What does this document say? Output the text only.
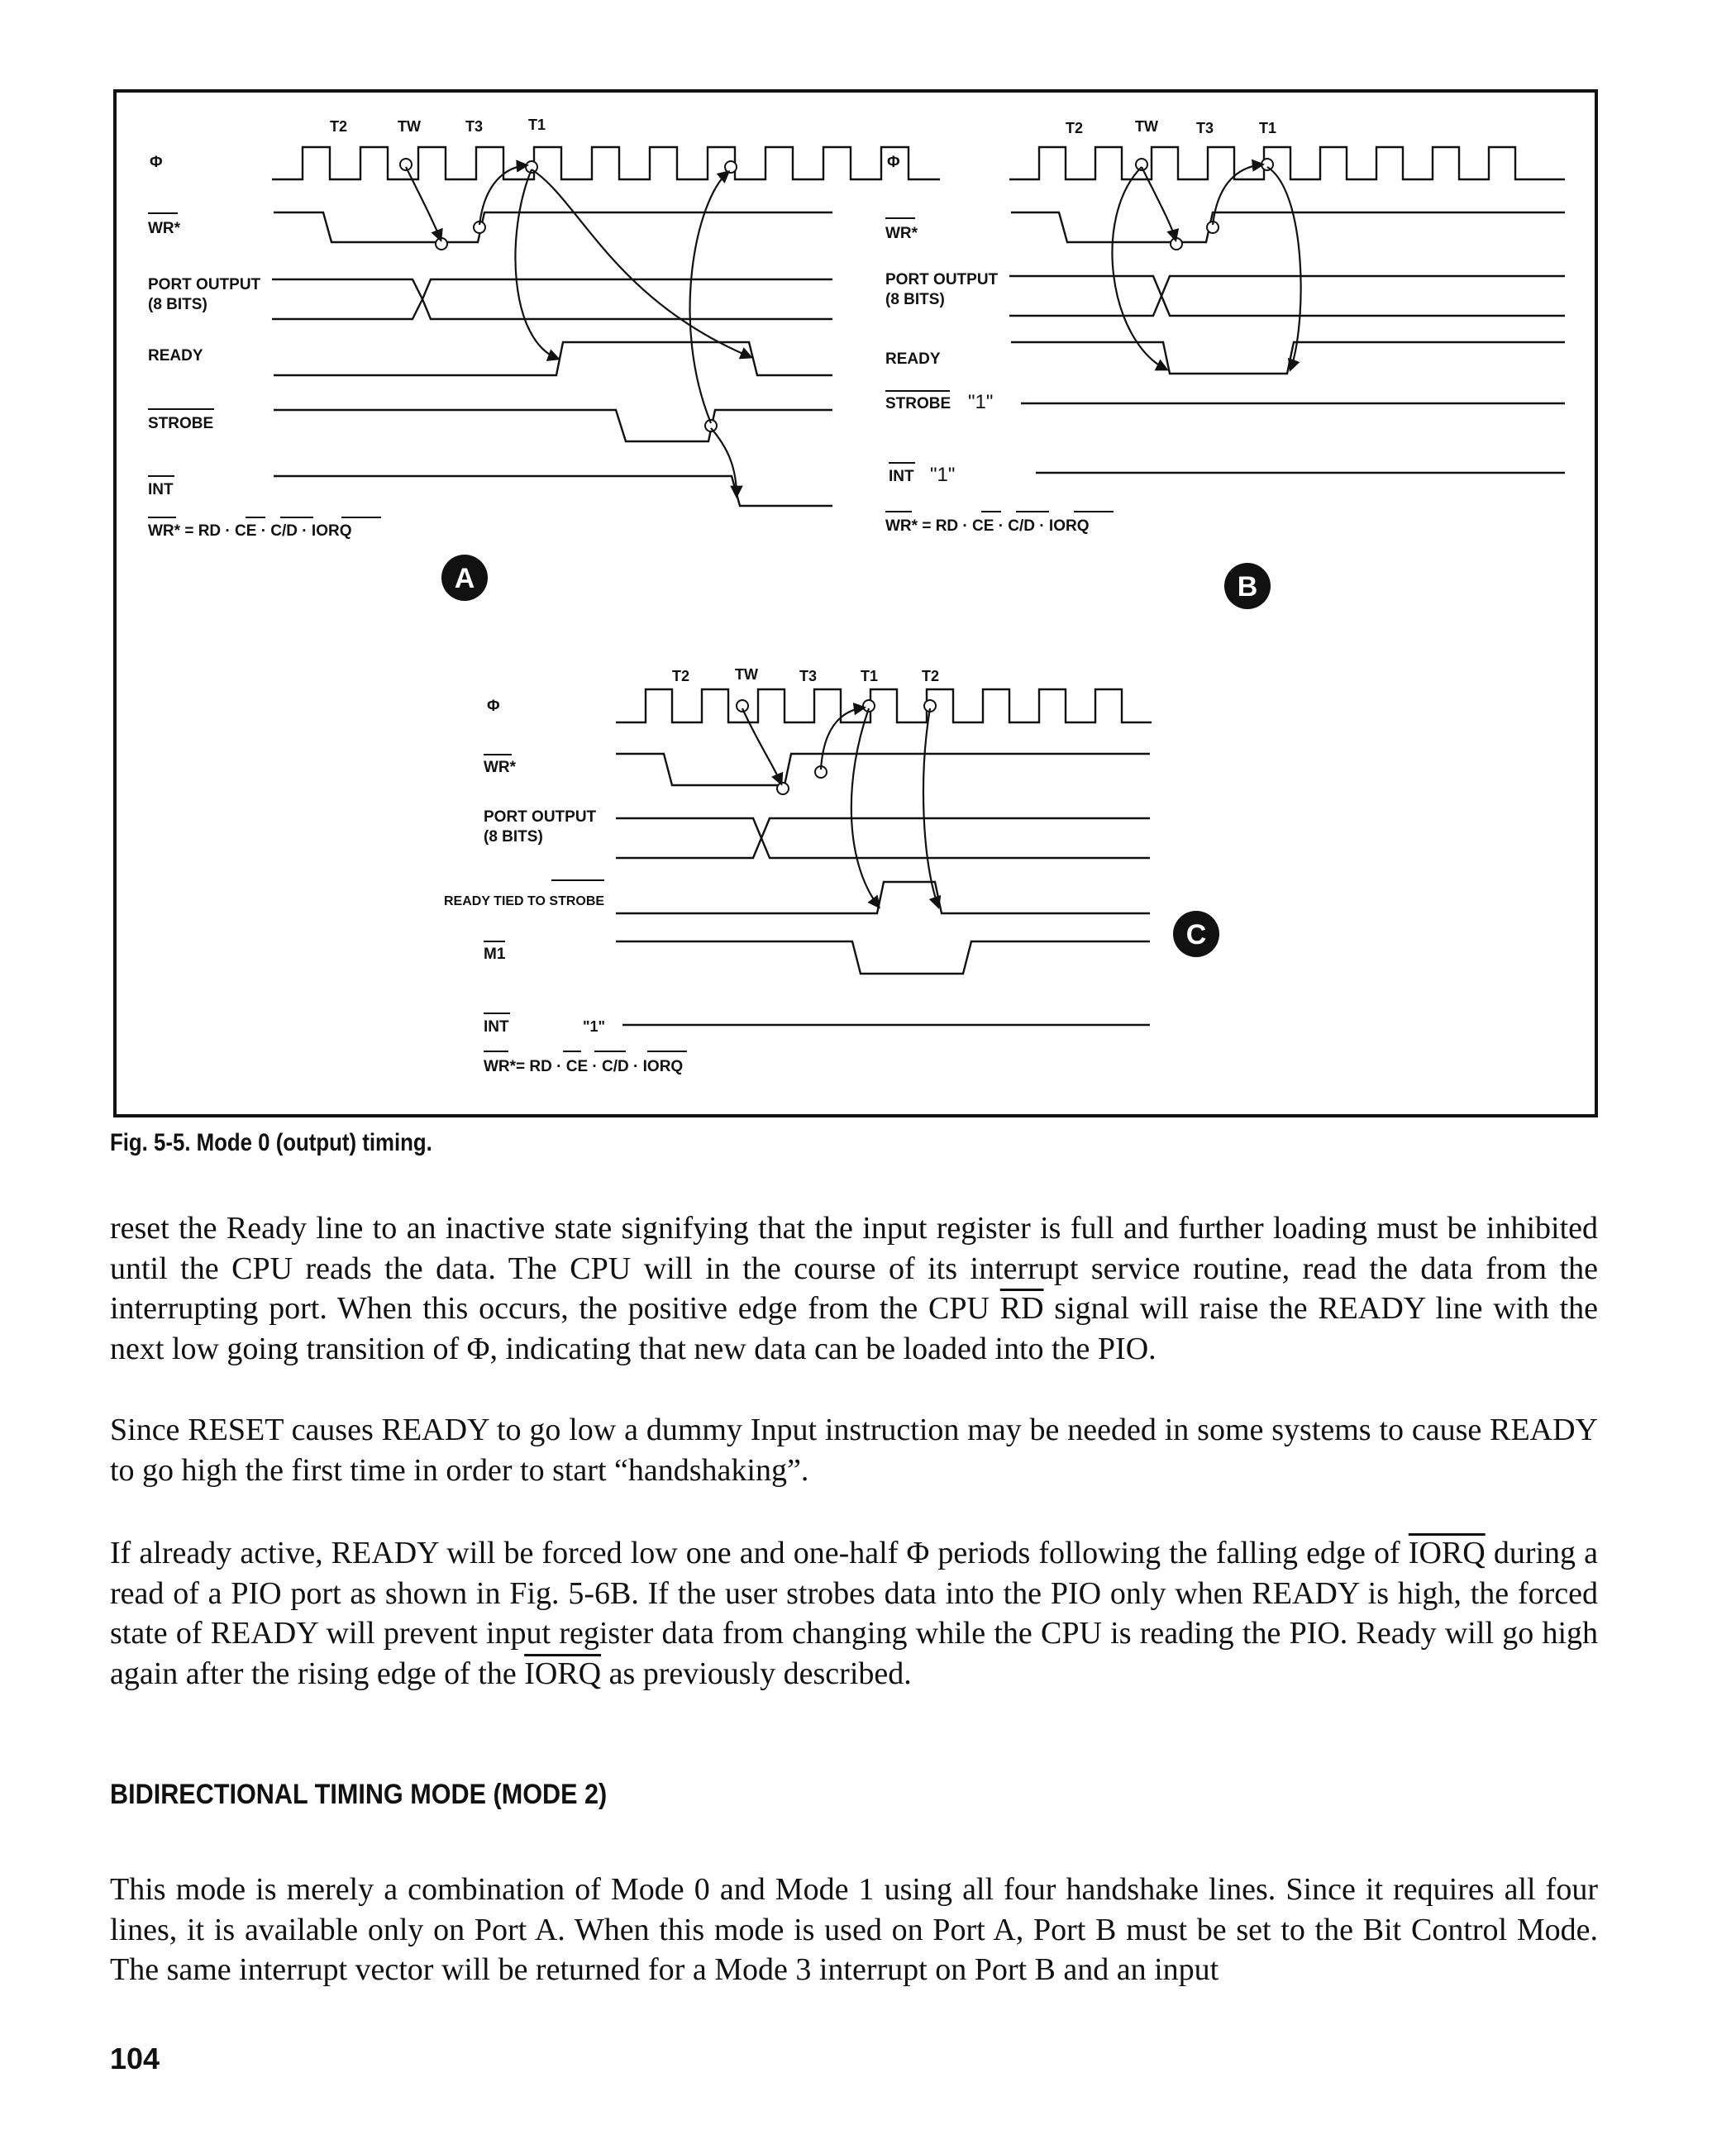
T2	TW	T3	T1
Φ
WR*
PORT OUTPUT
(8 BITS)
READY
STROBE
INT
WR* = RD · CE · C/D · IORQ
A
T2	TW	T3	T1
Φ
WR*
PORT OUTPUT
(8 BITS)
READY
STROBE "1"
INT "1"
WR* = RD · CE · C/D · IORQ
B
T2	TW	T3	T1	T2
Φ
WR*
PORT OUTPUT
(8 BITS)
READY TIED TO STROBE
M1
INT	"1"
WR*= RD · CE · C/D · IORQ
C
Fig. 5-5. Mode 0 (output) timing.

reset the Ready line to an inactive state signifying that the input register is full and further loading must be inhibited until the CPU reads the data. The CPU will in the course of its interrupt service routine, read the data from the interrupting port. When this occurs, the positive edge from the CPU $\overline{RD}$ signal will raise the READY line with the next low going transition of Φ, indicating that new data can be loaded into the PIO.

Since RESET causes READY to go low a dummy Input instruction may be needed in some systems to cause READY to go high the first time in order to start “handshaking”.

If already active, READY will be forced low one and one-half Φ periods following the falling edge of IORQ during a read of a PIO port as shown in Fig. 5-6B. If the user strobes data into the PIO only when READY is high, the forced state of READY will prevent input register data from changing while the CPU is reading the PIO. Ready will go high again after the rising edge of the IORQ as previously described.

BIDIRECTIONAL TIMING MODE (MODE 2)

This mode is merely a combination of Mode 0 and Mode 1 using all four handshake lines. Since it requires all four lines, it is available only on Port A. When this mode is used on Port A, Port B must be set to the Bit Control Mode. The same interrupt vector will be returned for a Mode 3 interrupt on Port B and an input

104
